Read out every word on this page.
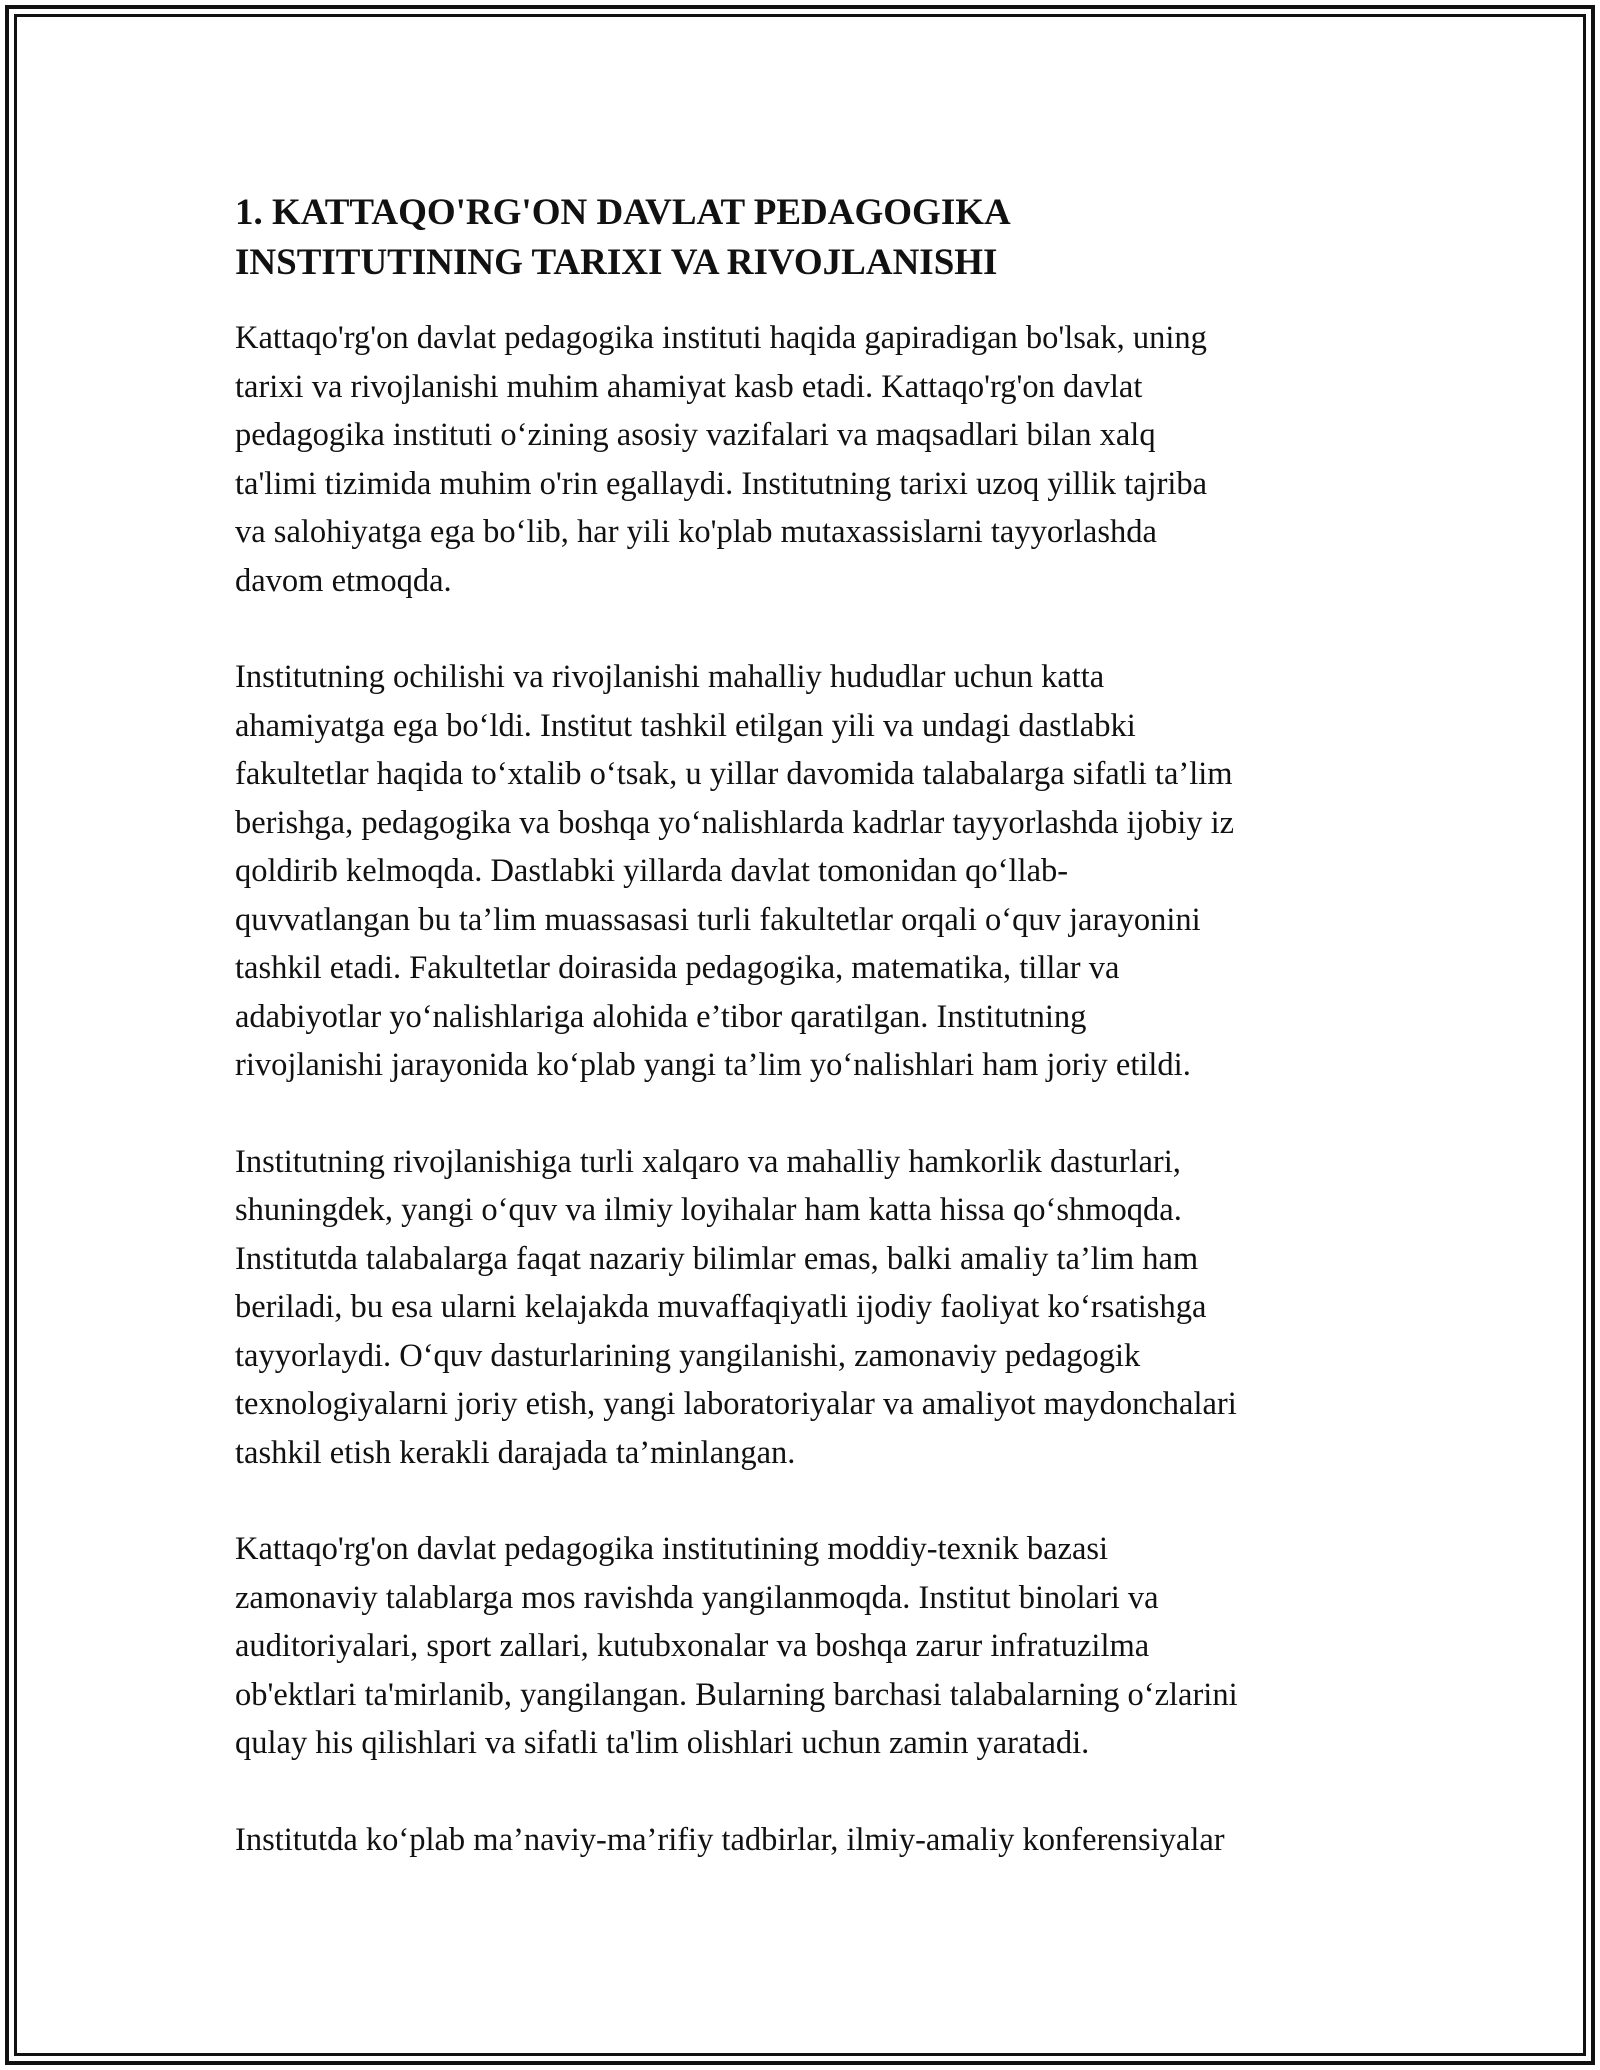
1. KATTAQO'RG'ON DAVLAT PEDAGOGIKA
INSTITUTINING TARIXI VA RIVOJLANISHI

Kattaqo'rg'on davlat pedagogika instituti haqida gapiradigan bo'lsak, uning
tarixi va rivojlanishi muhim ahamiyat kasb etadi. Kattaqo'rg'on davlat
pedagogika instituti o‘zining asosiy vazifalari va maqsadlari bilan xalq
ta'limi tizimida muhim o'rin egallaydi. Institutning tarixi uzoq yillik tajriba
va salohiyatga ega bo‘lib, har yili ko'plab mutaxassislarni tayyorlashda
davom etmoqda.

Institutning ochilishi va rivojlanishi mahalliy hududlar uchun katta
ahamiyatga ega bo‘ldi. Institut tashkil etilgan yili va undagi dastlabki
fakultetlar haqida to‘xtalib o‘tsak, u yillar davomida talabalarga sifatli ta’lim
berishga, pedagogika va boshqa yo‘nalishlarda kadrlar tayyorlashda ijobiy iz
qoldirib kelmoqda. Dastlabki yillarda davlat tomonidan qo‘llab-
quvvatlangan bu ta’lim muassasasi turli fakultetlar orqali o‘quv jarayonini
tashkil etadi. Fakultetlar doirasida pedagogika, matematika, tillar va
adabiyotlar yo‘nalishlariga alohida e’tibor qaratilgan. Institutning
rivojlanishi jarayonida ko‘plab yangi ta’lim yo‘nalishlari ham joriy etildi.

Institutning rivojlanishiga turli xalqaro va mahalliy hamkorlik dasturlari,
shuningdek, yangi o‘quv va ilmiy loyihalar ham katta hissa qo‘shmoqda.
Institutda talabalarga faqat nazariy bilimlar emas, balki amaliy ta’lim ham
beriladi, bu esa ularni kelajakda muvaffaqiyatli ijodiy faoliyat ko‘rsatishga
tayyorlaydi. O‘quv dasturlarining yangilanishi, zamonaviy pedagogik
texnologiyalarni joriy etish, yangi laboratoriyalar va amaliyot maydonchalari
tashkil etish kerakli darajada ta’minlangan.

Kattaqo'rg'on davlat pedagogika institutining moddiy-texnik bazasi
zamonaviy talablarga mos ravishda yangilanmoqda. Institut binolari va
auditoriyalari, sport zallari, kutubxonalar va boshqa zarur infratuzilma
ob'ektlari ta'mirlanib, yangilangan. Bularning barchasi talabalarning o‘zlarini
qulay his qilishlari va sifatli ta'lim olishlari uchun zamin yaratadi.

Institutda ko‘plab ma’naviy-ma’rifiy tadbirlar, ilmiy-amaliy konferensiyalar
